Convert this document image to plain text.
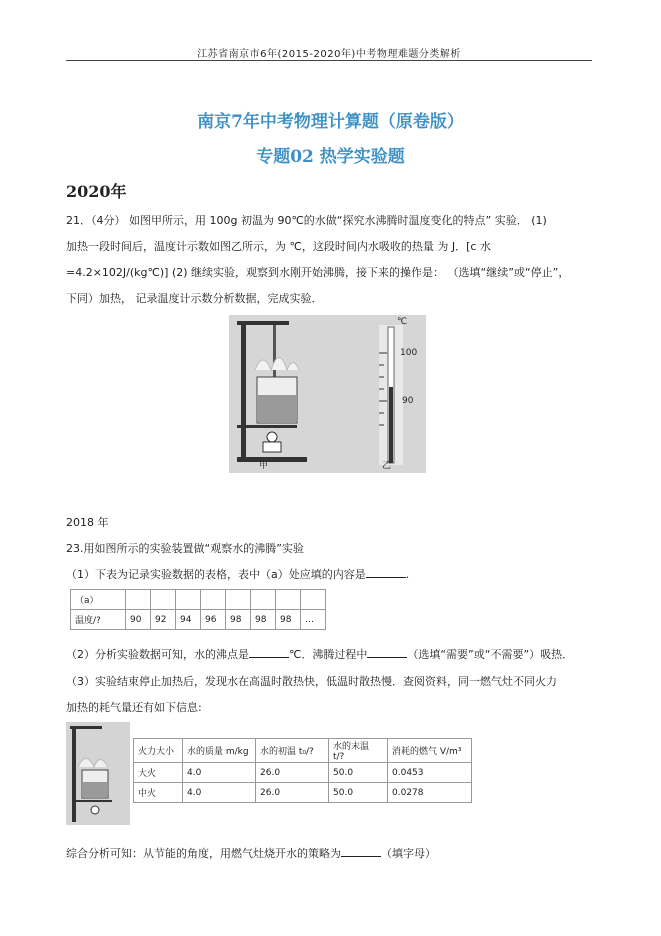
江苏省南京市6年(2015-2020年)中考物理难题分类解析
南京7年中考物理计算题（原卷版）
专题02 热学实验题
2020年
21．（4分） 如图甲所示，用 100g 初温为 90℃的水做“探究水沸腾时温度变化的特点” 实验． (1)
加热一段时间后，温度计示数如图乙所示，为 ℃，这段时间内水吸收的热量 为 J．[c 水
=4.2×102J/(kg℃)] (2) 继续实验，观察到水刚开始沸腾，接下来的操作是： （选填“继续”或“停止”，
下同）加热， 记录温度计示数分析数据，完成实验．
甲	乙
℃
100
90
2018 年
23.用如图所示的实验装置做“观察水的沸腾”实验
（1）下表为记录实验数据的表格，表中（a）处应填的内容是	.
（a）								
温度/?	90	92	94	96	98	98	98	…
（2）分析实验数据可知，水的沸点是	℃．沸腾过程中	（选填“需要”或“不需要”）吸热．
（3）实验结束停止加热后，发现水在高温时散热快，低温时散热慢．查阅资料，同一燃气灶不同火力
加热的耗气量还有如下信息:
火力大小	水的质量 m/kg	水的初温 t₀/?	水的末温 t/?	消耗的燃气 V/m³
大火	4.0	26.0	50.0	0.0453
中火	4.0	26.0	50.0	0.0278
综合分析可知：从节能的角度，用燃气灶烧开水的策略为	（填字母）
